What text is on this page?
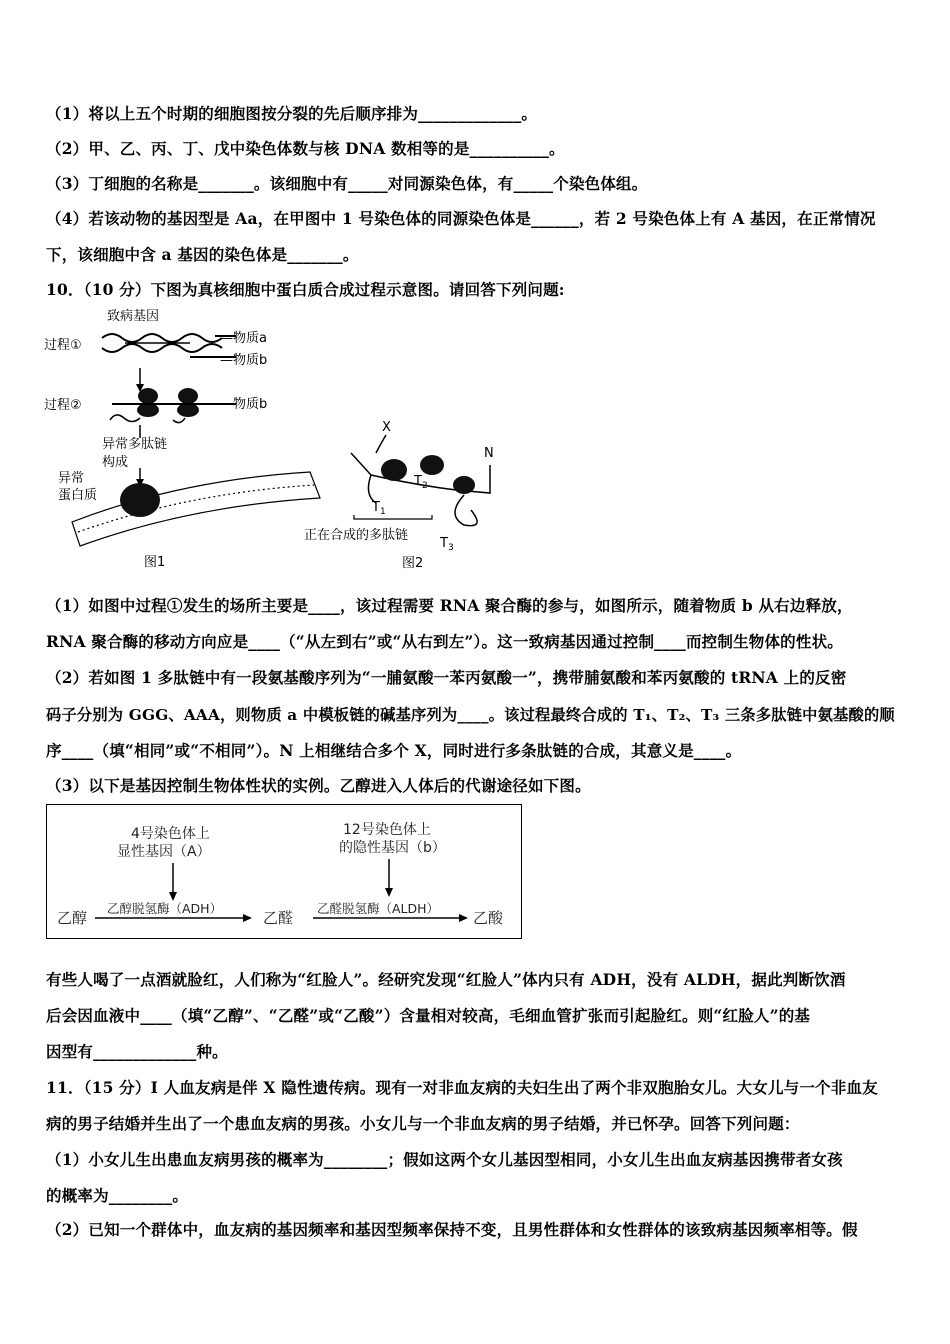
（1）将以上五个时期的细胞图按分裂的先后顺序排为_____________。
（2）甲、乙、丙、丁、戊中染色体数与核 DNA 数相等的是__________。
（3）丁细胞的名称是_______。该细胞中有_____对同源染色体，有_____个染色体组。
（4）若该动物的基因型是 Aa，在甲图中 1 号染色体的同源染色体是______，若 2 号染色体上有 A 基因，在正常情况
下，该细胞中含 a 基因的染色体是_______。
10．（10 分）下图为真核细胞中蛋白质合成过程示意图。请回答下列问题:
致病基因
过程①
过程②
—物质a
—物质b
—物质b
异常多肽链
构成
异常
蛋白质
图1
X
N
$T_1$
$T_2$
$T_3$
正在合成的多肽链
图2
（1）如图中过程①发生的场所主要是____，该过程需要 RNA 聚合酶的参与，如图所示，随着物质 b 从右边释放，
RNA 聚合酶的移动方向应是____（“从左到右”或“从右到左”）。这一致病基因通过控制____而控制生物体的性状。
（2）若如图 1 多肽链中有一段氨基酸序列为“一脯氨酸一苯丙氨酸一”，携带脯氨酸和苯丙氨酸的 tRNA 上的反密
码子分别为 GGG、AAA，则物质 a 中模板链的碱基序列为____。该过程最终合成的 T₁、T₂、T₃ 三条多肽链中氨基酸的顺
序____（填“相同”或“不相同”）。N 上相继结合多个 X，同时进行多条肽链的合成，其意义是____。
（3）以下是基因控制生物体性状的实例。乙醇进入人体后的代谢途径如下图。
4号染色体上
显性基因（A）
12号染色体上
的隐性基因（b）
乙醇
乙醇脱氢酶（ADH）
乙醛
乙醛脱氢酶（ALDH）
乙酸
有些人喝了一点酒就脸红，人们称为“红脸人”。经研究发现“红脸人”体内只有 ADH，没有 ALDH，据此判断饮酒
后会因血液中____（填“乙醇”、“乙醛”或“乙酸”）含量相对较高，毛细血管扩张而引起脸红。则“红脸人”的基
因型有_____________种。
11．（15 分）I 人血友病是伴 X 隐性遗传病。现有一对非血友病的夫妇生出了两个非双胞胎女儿。大女儿与一个非血友
病的男子结婚并生出了一个患血友病的男孩。小女儿与一个非血友病的男子结婚，并已怀孕。回答下列问题：
（1）小女儿生出患血友病男孩的概率为________；假如这两个女儿基因型相同，小女儿生出血友病基因携带者女孩
的概率为________。
（2）已知一个群体中，血友病的基因频率和基因型频率保持不变，且男性群体和女性群体的该致病基因频率相等。假
